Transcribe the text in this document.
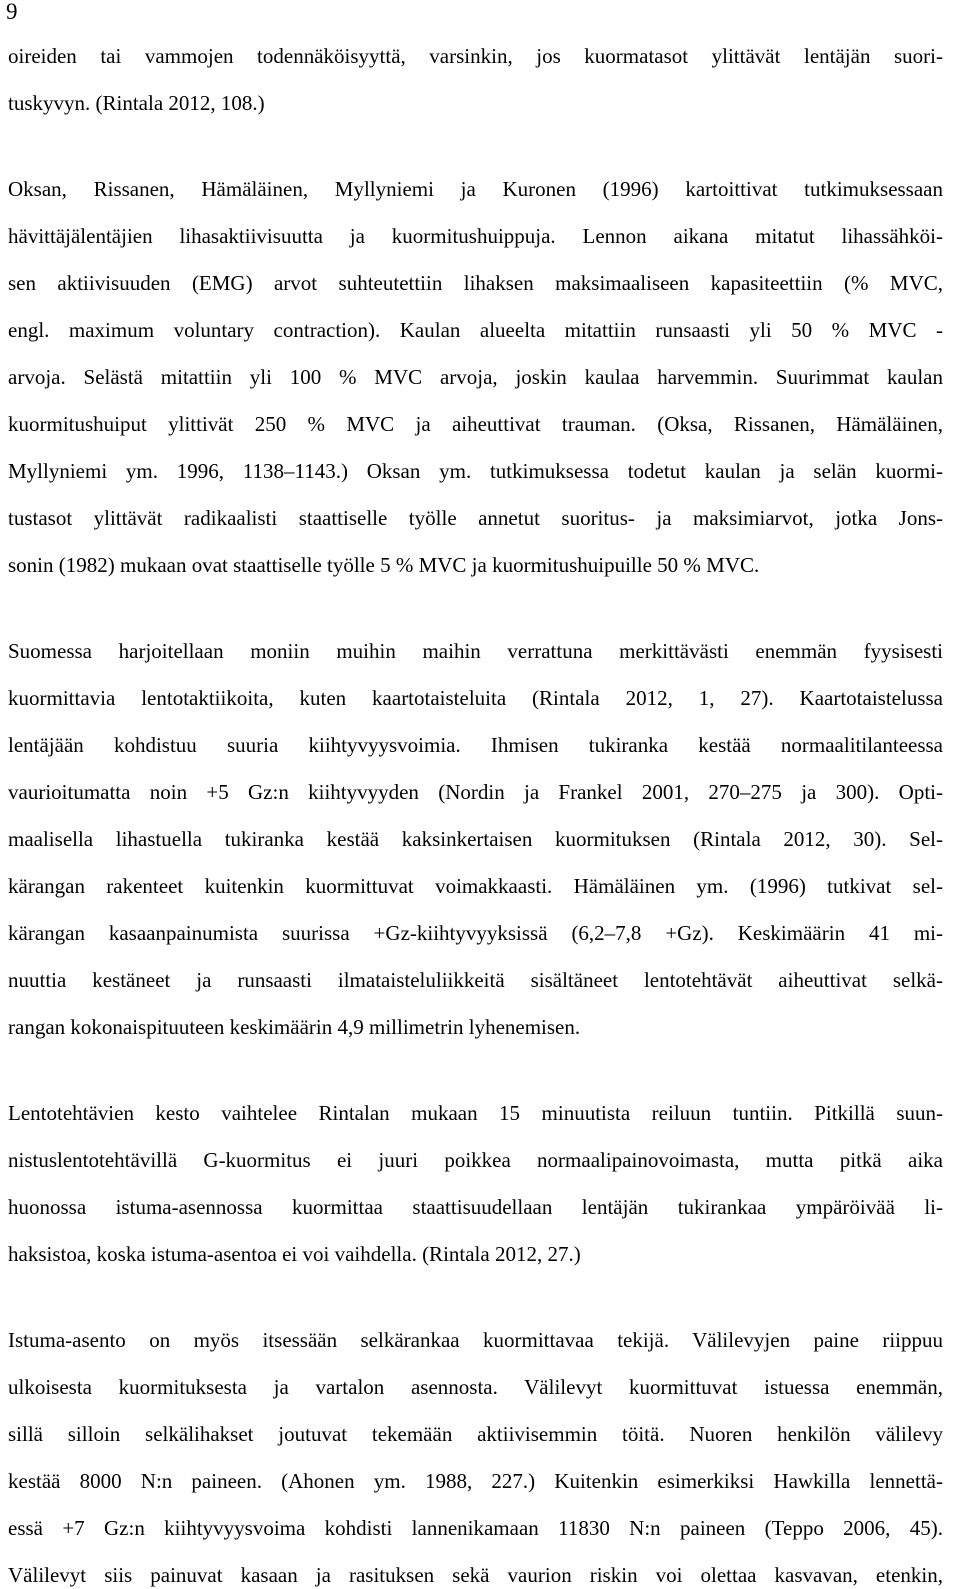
9
oireiden tai vammojen todennäköisyyttä, varsinkin, jos kuormatasot ylittävät lentäjän suori-
tuskyvyn. (Rintala 2012, 108.)
Oksan, Rissanen, Hämäläinen, Myllyniemi ja Kuronen (1996) kartoittivat tutkimuksessaan
hävittäjälentäjien lihasaktiivisuutta ja kuormitushuippuja. Lennon aikana mitatut lihassähköi-
sen aktiivisuuden (EMG) arvot suhteutettiin lihaksen maksimaaliseen kapasiteettiin (% MVC,
engl. maximum voluntary contraction). Kaulan alueelta mitattiin runsaasti yli 50 % MVC -
arvoja. Selästä mitattiin yli 100 % MVC arvoja, joskin kaulaa harvemmin. Suurimmat kaulan
kuormitushuiput ylittivät 250 % MVC ja aiheuttivat trauman. (Oksa, Rissanen, Hämäläinen,
Myllyniemi ym. 1996, 1138–1143.) Oksan ym. tutkimuksessa todetut kaulan ja selän kuormi-
tustasot ylittävät radikaalisti staattiselle työlle annetut suoritus- ja maksimiarvot, jotka Jons-
sonin (1982) mukaan ovat staattiselle työlle 5 % MVC ja kuormitushuipuille 50 % MVC.
Suomessa harjoitellaan moniin muihin maihin verrattuna merkittävästi enemmän fyysisesti
kuormittavia lentotaktiikoita, kuten kaartotaisteluita (Rintala 2012, 1, 27). Kaartotaistelussa
lentäjään kohdistuu suuria kiihtyvyysvoimia. Ihmisen tukiranka kestää normaalitilanteessa
vaurioitumatta noin +5 Gz:n kiihtyvyyden (Nordin ja Frankel 2001, 270–275 ja 300). Opti-
maalisella lihastuella tukiranka kestää kaksinkertaisen kuormituksen (Rintala 2012, 30). Sel-
kärangan rakenteet kuitenkin kuormittuvat voimakkaasti. Hämäläinen ym. (1996) tutkivat sel-
kärangan kasaanpainumista suurissa +Gz-kiihtyvyyksissä (6,2–7,8 +Gz). Keskimäärin 41 mi-
nuuttia kestäneet ja runsaasti ilmataisteluliikkeitä sisältäneet lentotehtävät aiheuttivat selkä-
rangan kokonaispituuteen keskimäärin 4,9 millimetrin lyhenemisen.
Lentotehtävien kesto vaihtelee Rintalan mukaan 15 minuutista reiluun tuntiin. Pitkillä suun-
nistuslentotehtävillä G-kuormitus ei juuri poikkea normaalipainovoimasta, mutta pitkä aika
huonossa istuma-asennossa kuormittaa staattisuudellaan lentäjän tukirankaa ympäröivää li-
haksistoa, koska istuma-asentoa ei voi vaihdella. (Rintala 2012, 27.)
Istuma-asento on myös itsessään selkärankaa kuormittavaa tekijä. Välilevyjen paine riippuu
ulkoisesta kuormituksesta ja vartalon asennosta. Välilevyt kuormittuvat istuessa enemmän,
sillä silloin selkälihakset joutuvat tekemään aktiivisemmin töitä. Nuoren henkilön välilevy
kestää 8000 N:n paineen. (Ahonen ym. 1988, 227.) Kuitenkin esimerkiksi Hawkilla lennettä-
essä +7 Gz:n kiihtyvyysvoima kohdisti lannenikamaan 11830 N:n paineen (Teppo 2006, 45).
Välilevyt siis painuvat kasaan ja rasituksen sekä vaurion riskin voi olettaa kasvavan, etenkin,
